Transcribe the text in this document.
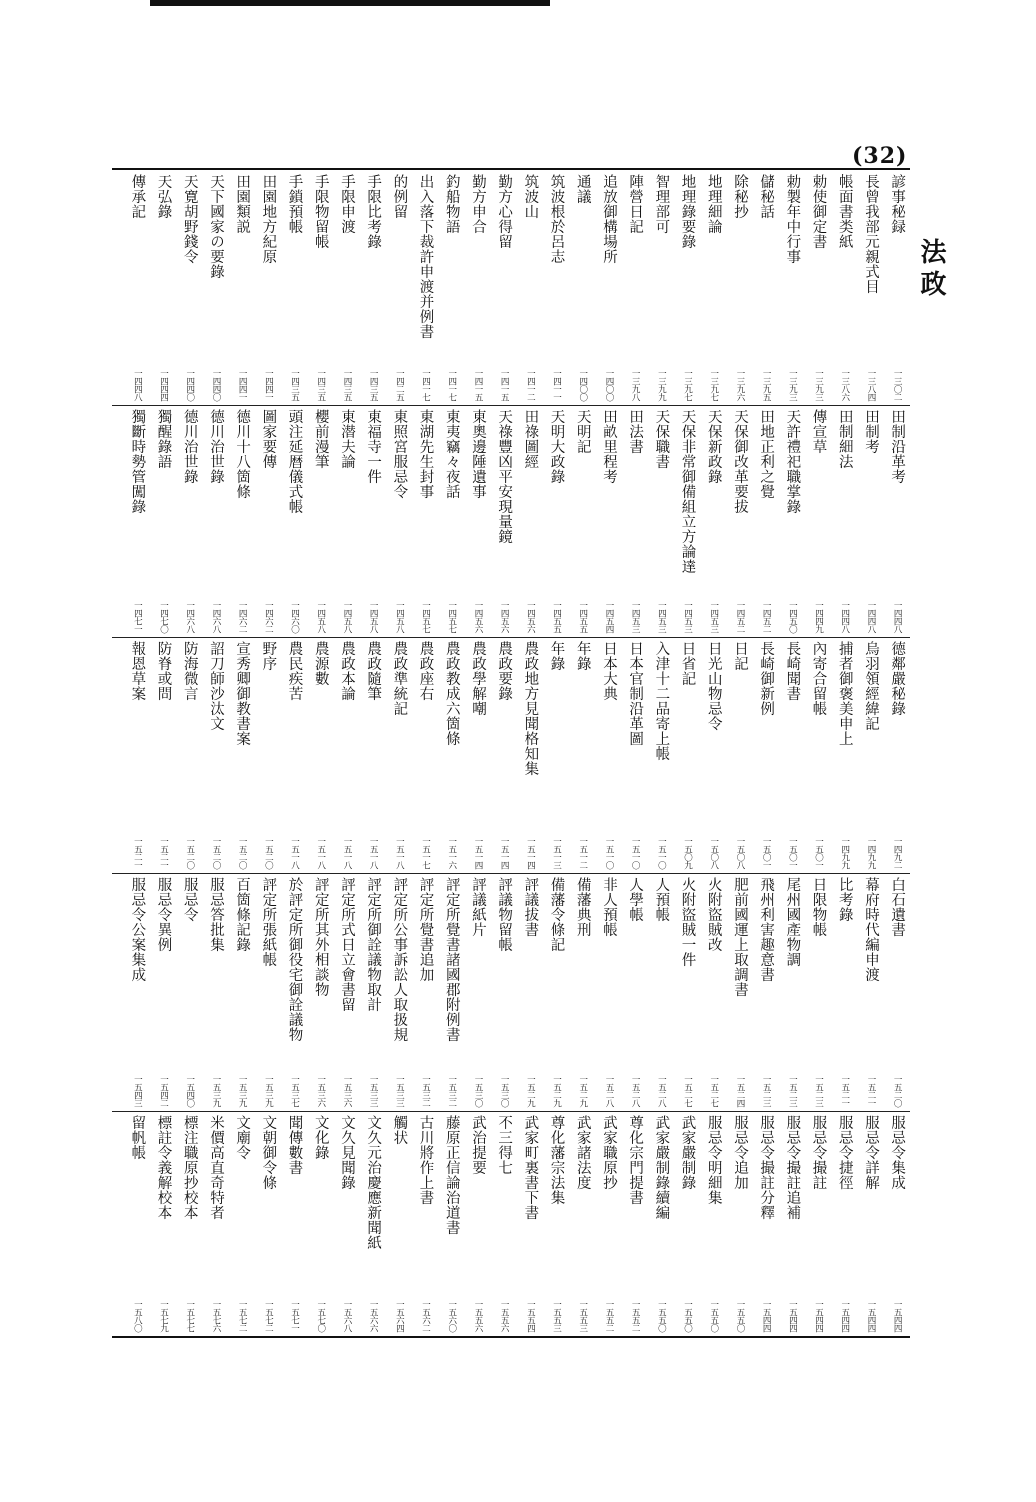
(32)
法政
諺事秘録
一三〇二
長曾我部元親式目
一三八四
帳面書类紙
一三八六
勅使御定書
一三九三
勅製年中行事
一三九三
儲秘話
一三九五
除秘抄
一三九六
地理細論
一三九七
地理錄要錄
一三九七
智理部可
一三九九
陣營日記
一三九八
追放御構場所
一四〇〇
通議
一四〇〇
筑波根於呂志
一四一一
筑波山
一四一二
勤方心得留
一四一五
勤方申合
一四一五
釣船物語
一四一七
出入落下裁許申渡并例書
一四一七
的例留
一四二五
手限比考錄
一四三五
手限申渡
一四三五
手限物留帳
一四三五
手鎖預帳
一四三五
田園地方紀原
一四四一
田園類説
一四四一
天下國家の要錄
一四四〇
天寛胡野錢令
一四四〇
天弘錄
一四四四
傳承記
一四四八
田制沿革考
一四四八
田制考
一四四八
田制細法
一四四八
傳宣草
一四四九
天許禮祀職掌錄
一四五〇
田地正利之覺
一四五二
天保御改革要拔
一四五二
天保新政錄
一四五三
天保非常御備組立方論達
一四五三
天保職書
一四五三
田法書
一四五三
田畝里程考
一四五四
天明記
一四五五
天明大政錄
一四五五
田祿圖經
一四五六
天祿豐凶平安現量鏡
一四五六
東奧邊陲遺事
一四五六
東夷竊々夜話
一四五七
東湖先生封事
一四五七
東照宮服忌令
一四五八
東福寺一件
一四五八
東潜夫論
一四五八
櫻前漫筆
一四五八
頭注延暦儀式帳
一四六〇
圖家要傳
一四六二
德川十八箇條
一四六二
德川治世錄
一四六八
德川治世錄
一四六八
獨醒錄語
一四七〇
獨斷時勢管闖錄
一四七一
德鄰嚴秘錄
一四九二
烏羽領經緯記
一四九九
捕者御褒美申上
一四九九
內寄合留帳
一五〇一
長崎聞書
一五〇一
長崎御新例
一五〇一
日記
一五〇八
日光山物忌令
一五〇八
日省記
一五〇九
入津十二品寄上帳
一五一〇
日本官制沿革圖
一五一〇
日本大典
一五一〇
年錄
一五一二
年錄
一五一三
農政地方見聞格知集
一五一四
農政要錄
一五一四
農政學解嘲
一五一四
農政教成六箇條
一五一六
農政座右
一五一七
農政準統記
一五一八
農政隨筆
一五一八
農政本論
一五一八
農源數
一五一八
農民疾苦
一五一八
野序
一五二〇
宣秀卿御教書案
一五二〇
詔刀師沙汰文
一五二〇
防海微言
一五二〇
防脊或問
一五二一
報恩草案
一五二一
白石遺書
一五二〇
幕府時代編申渡
一五二一
比考錄
一五二一
日限物帳
一五二三
尾州國產物調
一五二三
飛州利害趣意書
一五二三
肥前國運上取調書
一五二四
火附盜賊改
一五二七
火附盜賊一件
一五二七
人預帳
一五二八
人學帳
一五二八
非人預帳
一五二八
備藩典刑
一五二九
備藩令條記
一五二九
評議拔書
一五二九
評議物留帳
一五三〇
評議紙片
一五三〇
評定所覺書諸國郡附例書
一五三二
評定所覺書追加
一五三二
評定所公事訴訟人取扱規
一五三三
評定所御詮議物取計
一五三三
評定所式日立會書留
一五三六
評定所其外相談物
一五三六
於評定所御役宅御詮議物
一五三七
評定所張紙帳
一五三九
百箇條記錄
一五三九
服忌答批集
一五三九
服忌令
一五四〇
服忌令異例
一五四二
服忌令公案集成
一五四三
服忌令集成
一五四四
服忌令詳解
一五四四
服忌令捷徑
一五四四
服忌令撮註
一五四四
服忌令撮註追補
一五四四
服忌令撮註分釋
一五四四
服忌令追加
一五五〇
服忌令明細集
一五五〇
武家嚴制錄
一五五〇
武家嚴制錄續編
一五五〇
尊化宗門提書
一五五二
武家職原抄
一五五二
武家諸法度
一五五三
尊化藩宗法集
一五五三
武家町裏書下書
一五五四
不三得七
一五五六
武治提要
一五五六
藤原正信論治道書
一五六〇
古川將作上書
一五六二
觸状
一五六四
文久元治慶應新聞紙
一五六六
文久見聞錄
一五六八
文化錄
一五七〇
聞傳數書
一五七一
文朝御令條
一五七二
文廟令
一五七二
米價高直奇特者
一五七六
標注職原抄校本
一五七七
標註令義解校本
一五七九
留帆帳
一五八〇
